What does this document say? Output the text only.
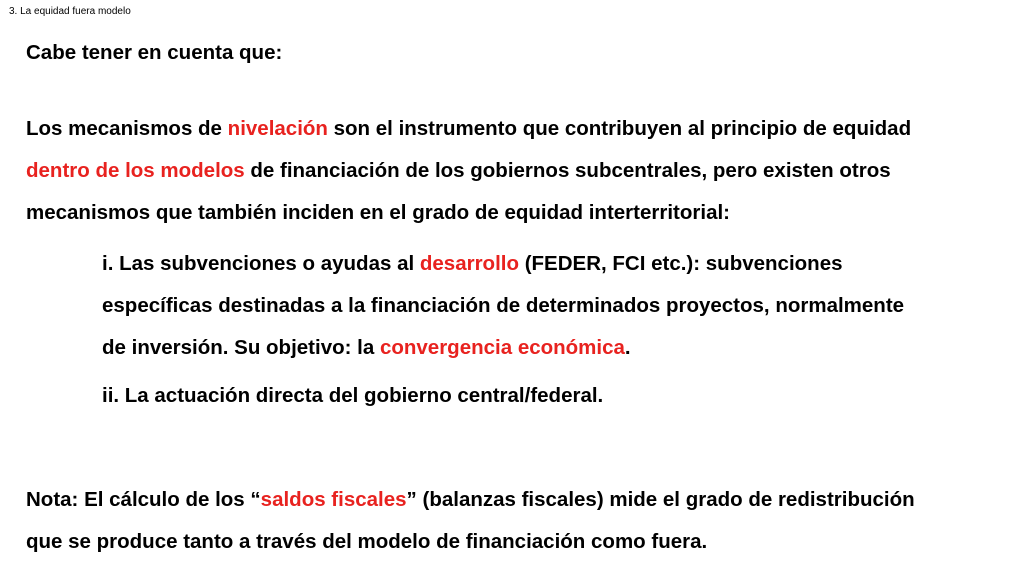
3. La equidad fuera modelo
Cabe tener en cuenta que:
Los mecanismos de nivelación son el instrumento que contribuyen al principio de equidad
dentro de los modelos de financiación de los gobiernos subcentrales, pero existen otros
mecanismos que también inciden en el grado de equidad interterritorial:
i. Las subvenciones o ayudas al desarrollo (FEDER, FCI etc.): subvenciones
específicas destinadas a la financiación de determinados proyectos, normalmente
de inversión. Su objetivo: la convergencia económica.
ii. La actuación directa del gobierno central/federal.
Nota: El cálculo de los “saldos fiscales” (balanzas fiscales) mide el grado de redistribución
que se produce tanto a través del modelo de financiación como fuera.
